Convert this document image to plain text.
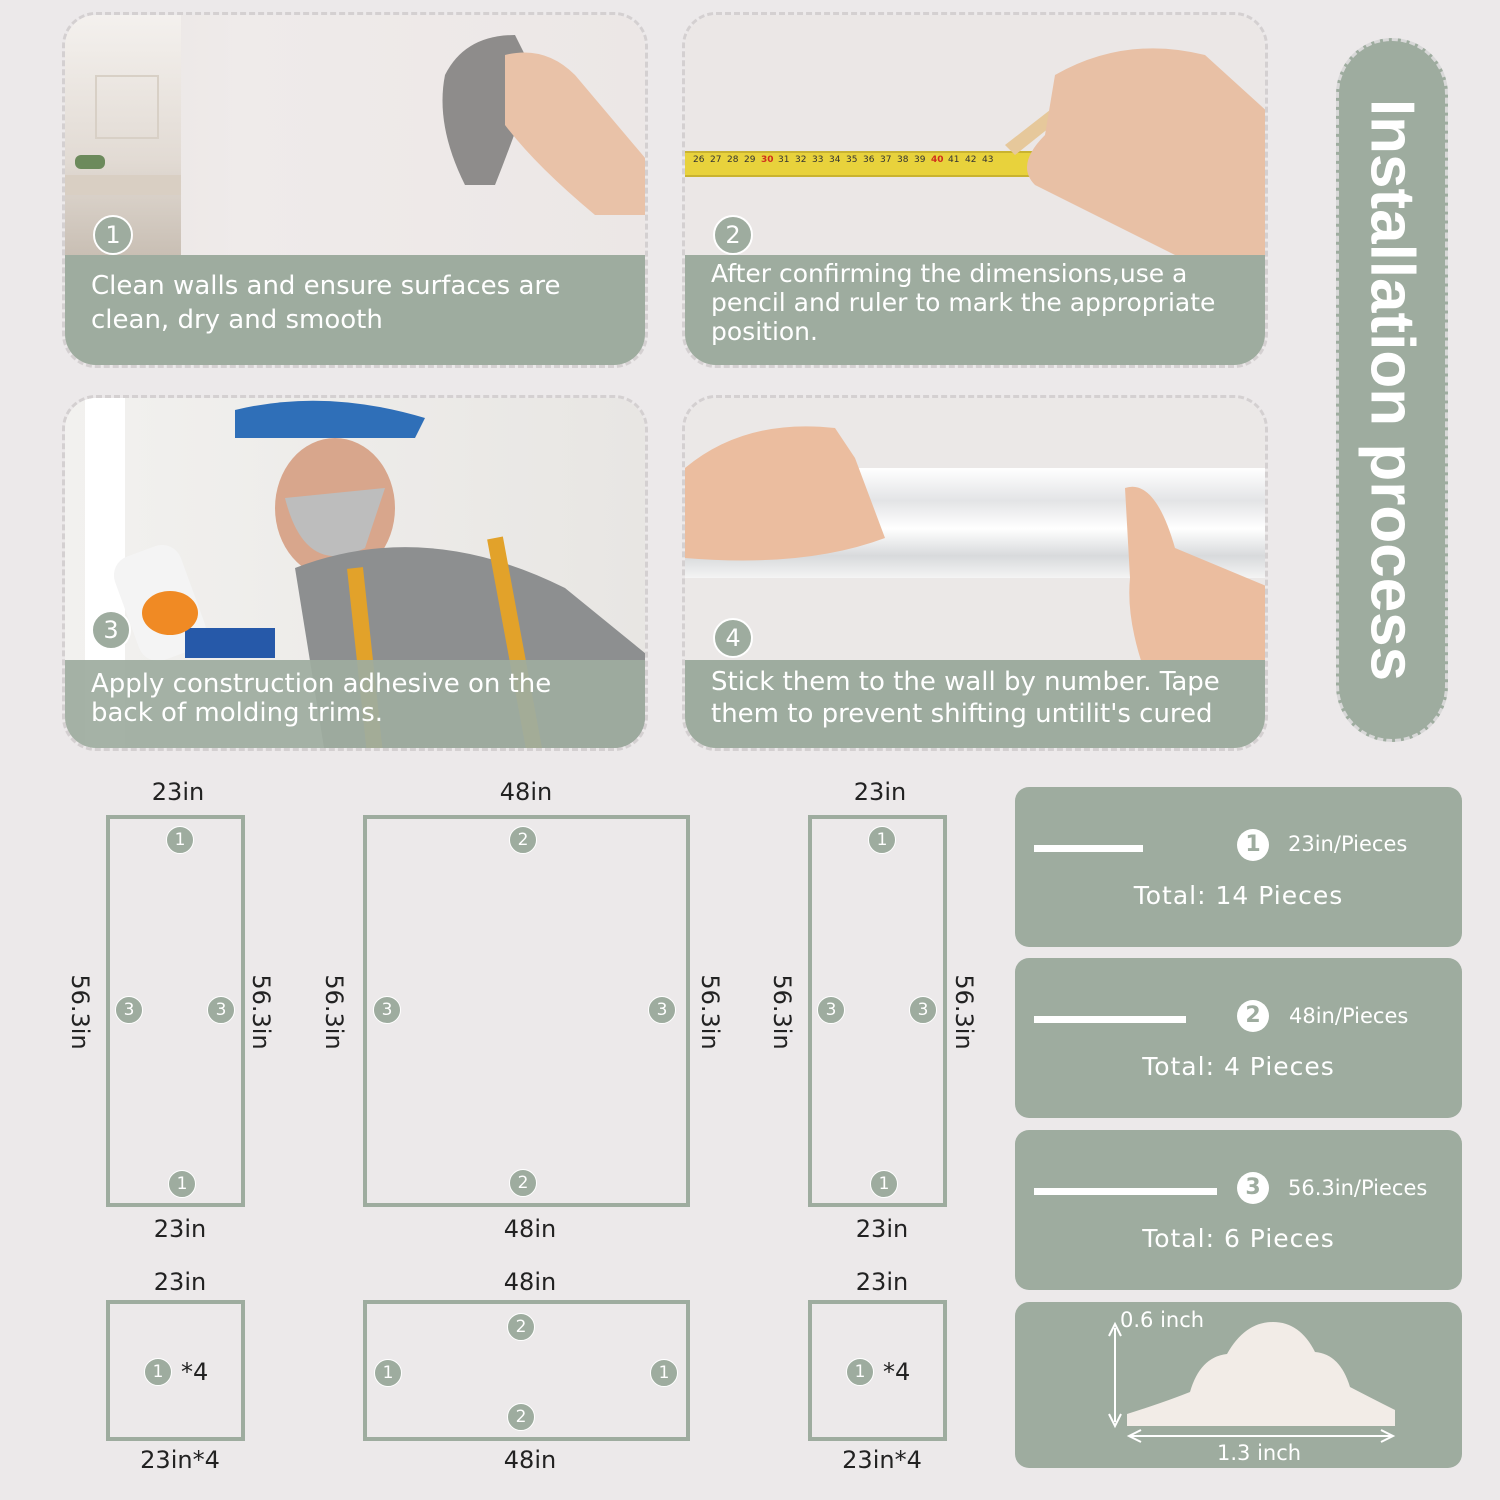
1
Clean walls and ensure surfaces are clean, dry and smooth
26 27 28 29 30 31 32 33 34 35 36 37 38 39 40 41 42 43
2
After confirming the dimensions,use a pencil and ruler to mark the appropriate position.
3
Apply construction adhesive on the back of molding trims.
4
Stick them to the wall by number. Tape them to prevent shifting untilit's cured
Installation process
23in
23in
56.3in	56.3in
1
1
3	3
48in
48in
56.3in	56.3in
2
2
3	3
23in
23in
56.3in	56.3in
1
1
3	3
23in
1 *4
23in*4
48in
2
2
1	1
48in
23in
1 *4
23in*4
1	23in/Pieces
Total: 14 Pieces
2	48in/Pieces
Total: 4 Pieces
3	56.3in/Pieces
Total: 6 Pieces
0.6 inch
1.3 inch
